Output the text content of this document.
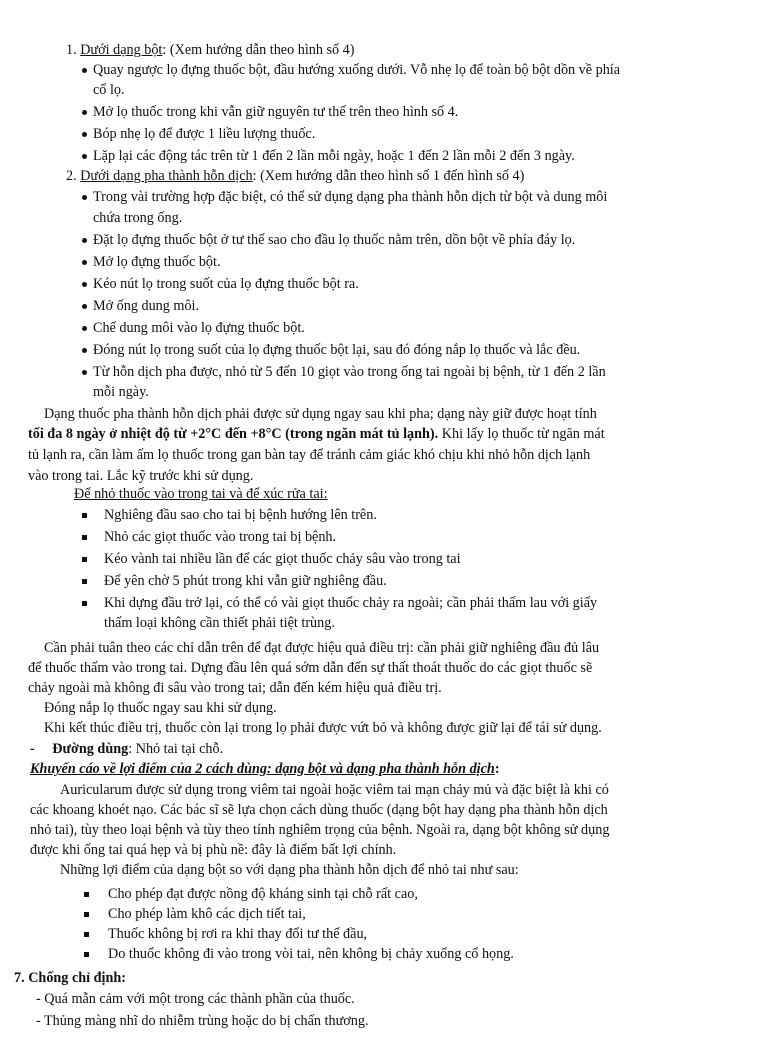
1. Dưới dạng bột: (Xem hướng dẫn theo hình số 4)
Quay ngược lọ đựng thuốc bột, đầu hướng xuống dưới. Vỗ nhẹ lọ để toàn bộ bột dồn về phía
cổ lọ.
Mở lọ thuốc trong khi vẫn giữ nguyên tư thế trên theo hình số 4.
Bóp nhẹ lọ để được 1 liều lượng thuốc.
Lặp lại các động tác trên từ 1 đến 2 lần mỗi ngày, hoặc 1 đến 2 lần mỗi 2 đến 3 ngày.
2. Dưới dạng pha thành hỗn dịch: (Xem hướng dẫn theo hình số 1 đến hình số 4)
Trong vài trường hợp đặc biệt, có thể sử dụng dạng pha thành hỗn dịch từ bột và dung môi
chứa trong ống.
Đặt lọ đựng thuốc bột ở tư thế sao cho đầu lọ thuốc nằm trên, dồn bột về phía đáy lọ.
Mở lọ đựng thuốc bột.
Kéo nút lọ trong suốt của lọ đựng thuốc bột ra.
Mở ống dung môi.
Chế dung môi vào lọ đựng thuốc bột.
Đóng nút lọ trong suốt của lọ đựng thuốc bột lại, sau đó đóng nắp lọ thuốc và lắc đều.
Từ hỗn dịch pha được, nhỏ từ 5 đến 10 giọt vào trong ống tai ngoài bị bệnh, từ 1 đến 2 lần
mỗi ngày.
Dạng thuốc pha thành hỗn dịch phải được sử dụng ngay sau khi pha; dạng này giữ được hoạt tính
tối đa 8 ngày ở nhiệt độ từ +2°C đến +8°C (trong ngăn mát tủ lạnh). Khi lấy lọ thuốc từ ngăn mát
tủ lạnh ra, cần làm ấm lọ thuốc trong gan bàn tay để tránh cảm giác khó chịu khi nhỏ hỗn dịch lạnh
vào trong tai. Lắc kỹ trước khi sử dụng.
Để nhỏ thuốc vào trong tai và để xúc rửa tai:
Nghiêng đầu sao cho tai bị bệnh hướng lên trên.
Nhỏ các giọt thuốc vào trong tai bị bệnh.
Kéo vành tai nhiều lần để các giọt thuốc chảy sâu vào trong tai
Để yên chờ 5 phút trong khi vẫn giữ nghiêng đầu.
Khi dựng đầu trở lại, có thể có vài giọt thuốc chảy ra ngoài; cần phải thấm lau với giấy
thấm loại không cần thiết phải tiệt trùng.
Cần phải tuân theo các chỉ dẫn trên để đạt được hiệu quả điều trị: cần phải giữ nghiêng đầu đủ lâu
để thuốc thấm vào trong tai. Dựng đầu lên quá sớm dẫn đến sự thất thoát thuốc do các giọt thuốc sẽ
chảy ngoài mà không đi sâu vào trong tai; dẫn đến kém hiệu quả điều trị.
Đóng nắp lọ thuốc ngay sau khi sử dụng.
Khi kết thúc điều trị, thuốc còn lại trong lọ phải được vứt bỏ và không được giữ lại để tái sử dụng.
- Đường dùng: Nhỏ tai tại chỗ.
Khuyến cáo về lợi điểm của 2 cách dùng: dạng bột và dạng pha thành hỗn dịch:
Auricularum được sử dụng trong viêm tai ngoài hoặc viêm tai mạn chảy mủ và đặc biệt là khi có
các khoang khoét nạo. Các bác sĩ sẽ lựa chọn cách dùng thuốc (dạng bột hay dạng pha thành hỗn dịch
nhỏ tai), tùy theo loại bệnh và tùy theo tính nghiêm trọng của bệnh. Ngoài ra, dạng bột không sử dụng
được khi ống tai quá hẹp và bị phù nề: đây là điểm bất lợi chính.
Những lợi điểm của dạng bột so với dạng pha thành hỗn dịch để nhỏ tai như sau:
Cho phép đạt được nồng độ kháng sinh tại chỗ rất cao,
Cho phép làm khô các dịch tiết tai,
Thuốc không bị rơi ra khi thay đổi tư thế đầu,
Do thuốc không đi vào trong vòi tai, nên không bị chảy xuống cổ họng.
7. Chống chỉ định:
- Quá mẫn cảm với một trong các thành phần của thuốc.
- Thủng màng nhĩ do nhiễm trùng hoặc do bị chấn thương.
